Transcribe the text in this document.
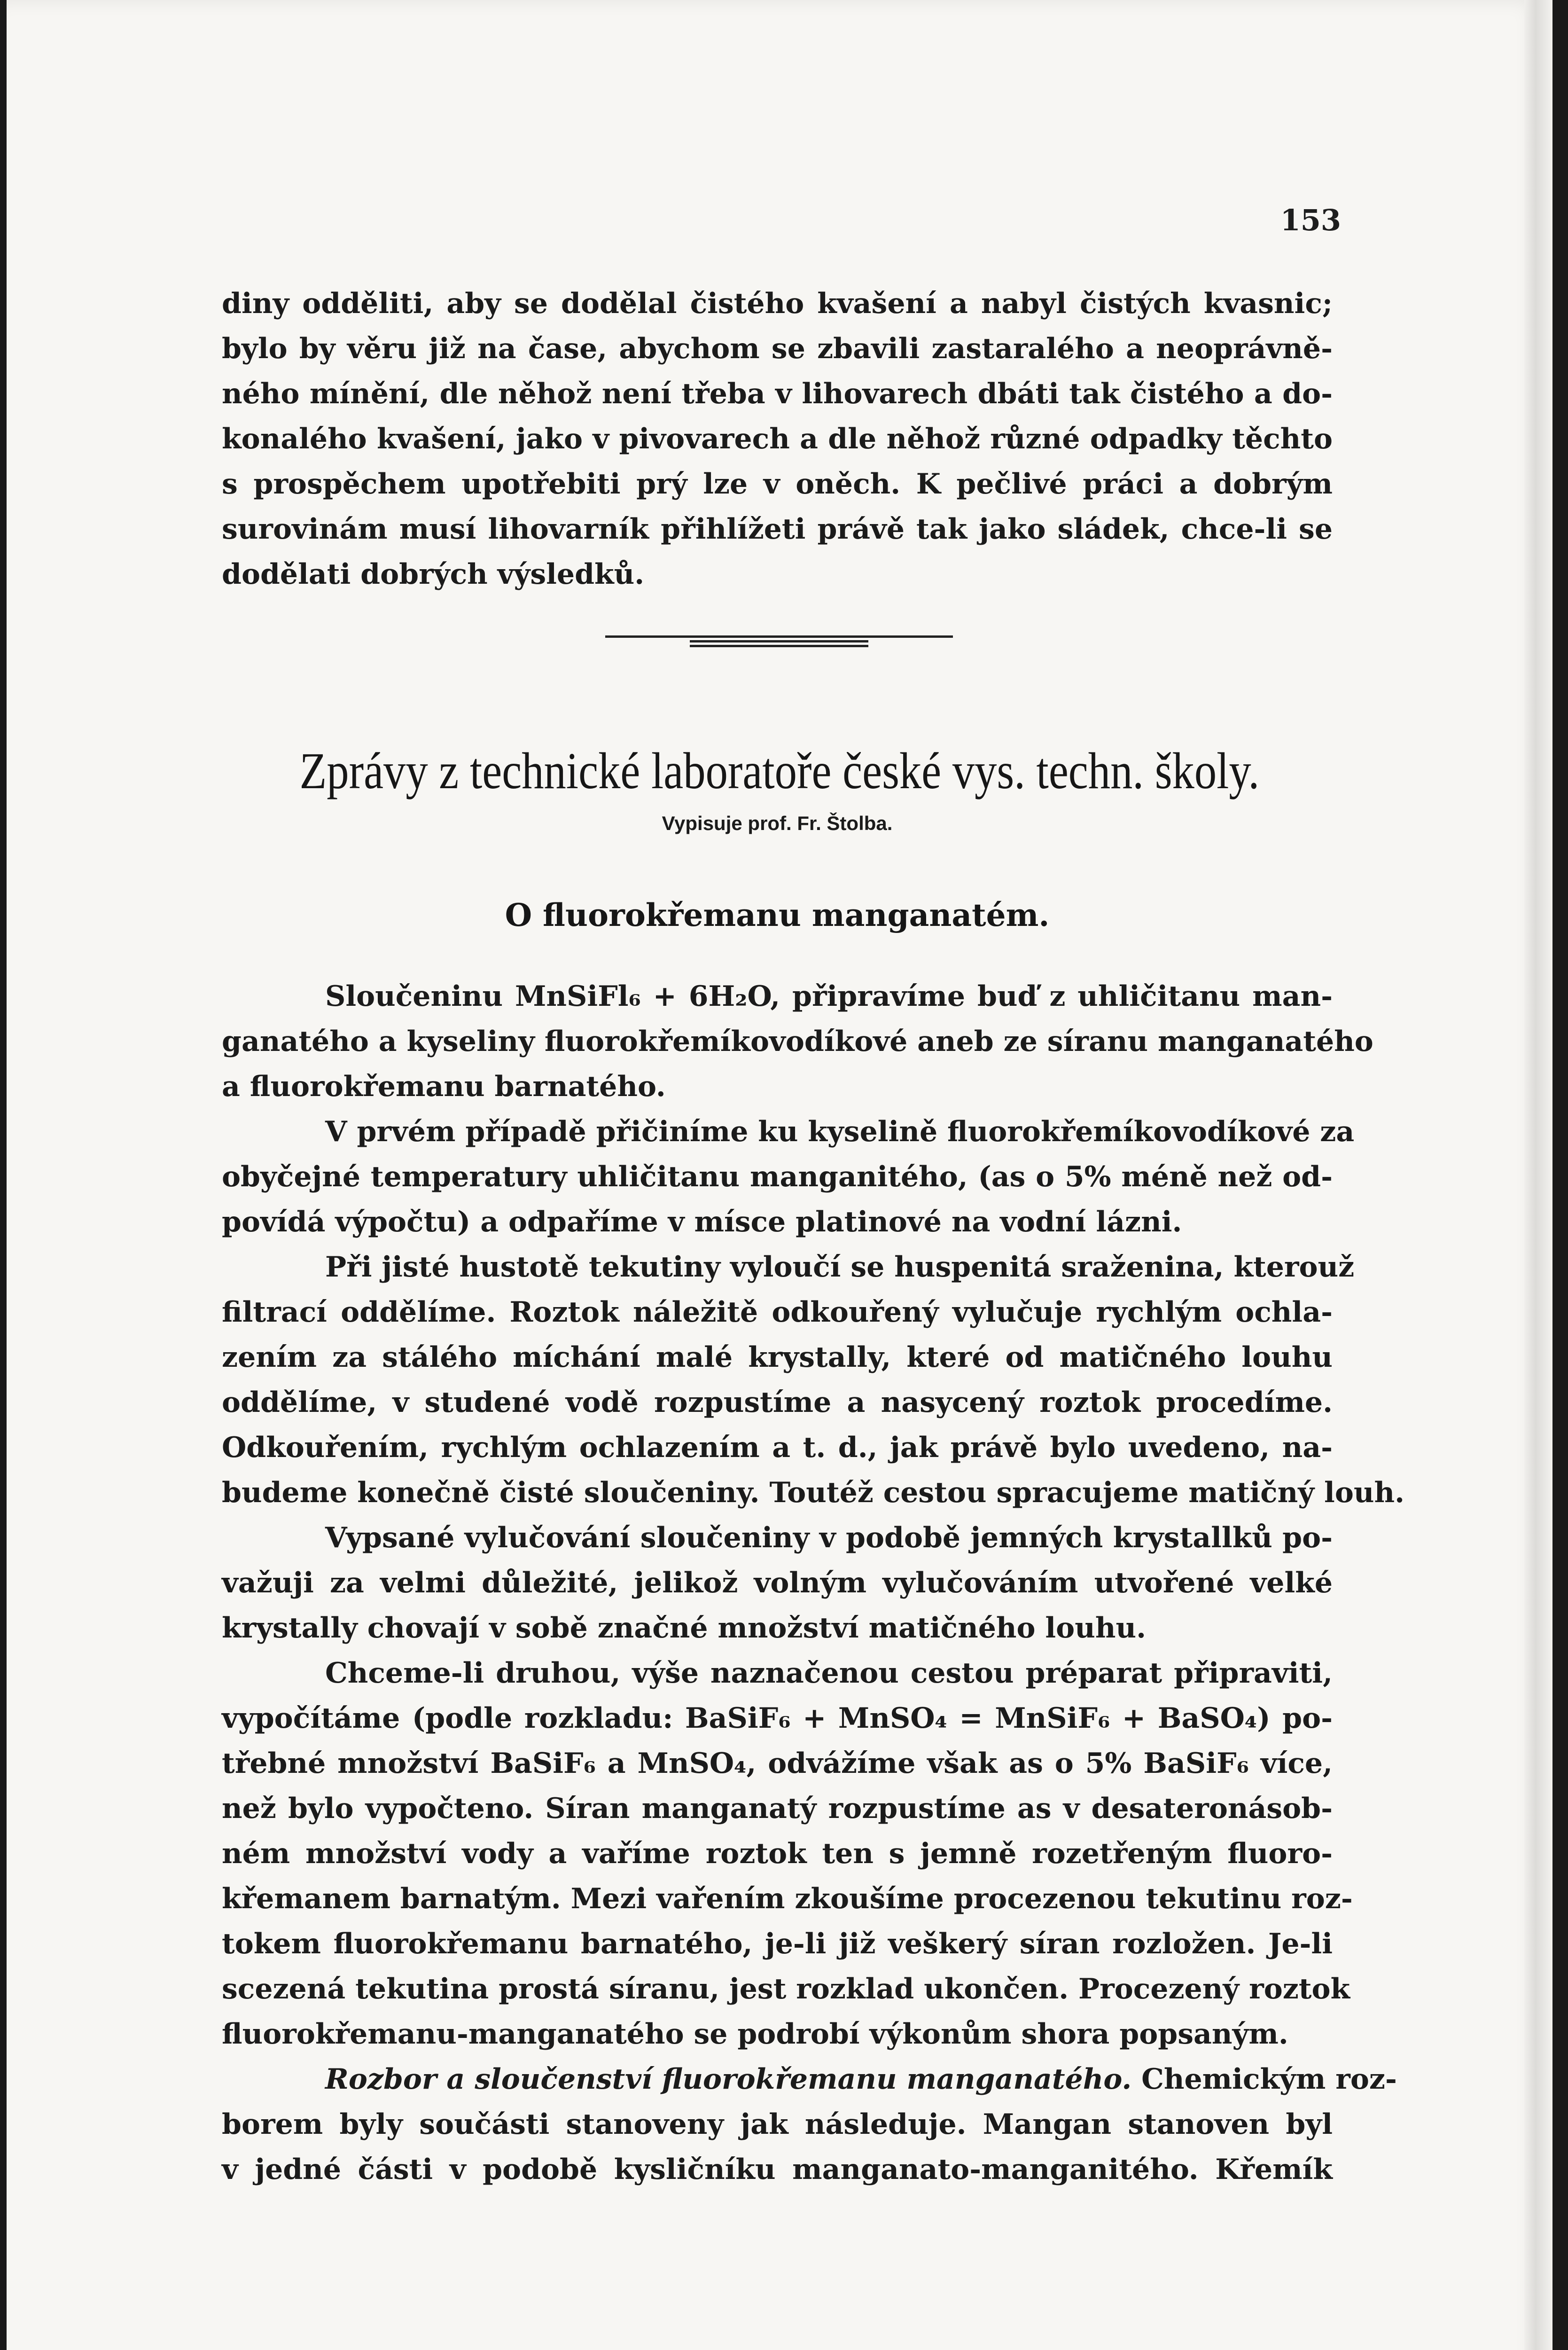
153
diny odděliti, aby se dodělal čistého kvašení a nabyl čistých kvasnic;
bylo by věru již na čase, abychom se zbavili zastaralého a neoprávně-
ného mínění, dle něhož není třeba v lihovarech dbáti tak čistého a do-
konalého kvašení, jako v pivovarech a dle něhož různé odpadky těchto
s prospěchem upotřebiti prý lze v oněch. K pečlivé práci a dobrým
surovinám musí lihovarník přihlížeti právě tak jako sládek, chce-li se
dodělati dobrých výsledků.
Zprávy z technické laboratoře české vys. techn. školy.
Vypisuje prof. Fr. Štolba.
O fluorokřemanu manganatém.
Sloučeninu MnSiFl₆ + 6H₂O, připravíme buď z uhličitanu man-
ganatého a kyseliny fluorokřemíkovodíkové aneb ze síranu manganatého
a fluorokřemanu barnatého.
V prvém případě přičiníme ku kyselině fluorokřemíkovodíkové za
obyčejné temperatury uhličitanu manganitého, (as o 5% méně než od-
povídá výpočtu) a odpaříme v mísce platinové na vodní lázni.
Při jisté hustotě tekutiny vyloučí se huspenitá sraženina, kterouž
filtrací oddělíme. Roztok náležitě odkouřený vylučuje rychlým ochla-
zením za stálého míchání malé krystally, které od matičného louhu
oddělíme, v studené vodě rozpustíme a nasycený roztok procedíme.
Odkouřením, rychlým ochlazením a t. d., jak právě bylo uvedeno, na-
budeme konečně čisté sloučeniny. Toutéž cestou spracujeme matičný louh.
Vypsané vylučování sloučeniny v podobě jemných krystallků po-
važuji za velmi důležité, jelikož volným vylučováním utvořené velké
krystally chovají v sobě značné množství matičného louhu.
Chceme-li druhou, výše naznačenou cestou préparat připraviti,
vypočítáme (podle rozkladu: BaSiF₆ + MnSO₄ = MnSiF₆ + BaSO₄) po-
třebné množství BaSiF₆ a MnSO₄, odvážíme však as o 5% BaSiF₆ více,
než bylo vypočteno. Síran manganatý rozpustíme as v desateronásob-
ném množství vody a vaříme roztok ten s jemně rozetřeným fluoro-
křemanem barnatým. Mezi vařením zkoušíme procezenou tekutinu roz-
tokem fluorokřemanu barnatého, je-li již veškerý síran rozložen. Je-li
scezená tekutina prostá síranu, jest rozklad ukončen. Procezený roztok
fluorokřemanu-manganatého se podrobí výkonům shora popsaným.
Rozbor a sloučenství fluorokřemanu manganatého. Chemickým roz-
borem byly součásti stanoveny jak následuje. Mangan stanoven byl
v jedné části v podobě kysličníku manganato-manganitého. Křemík
